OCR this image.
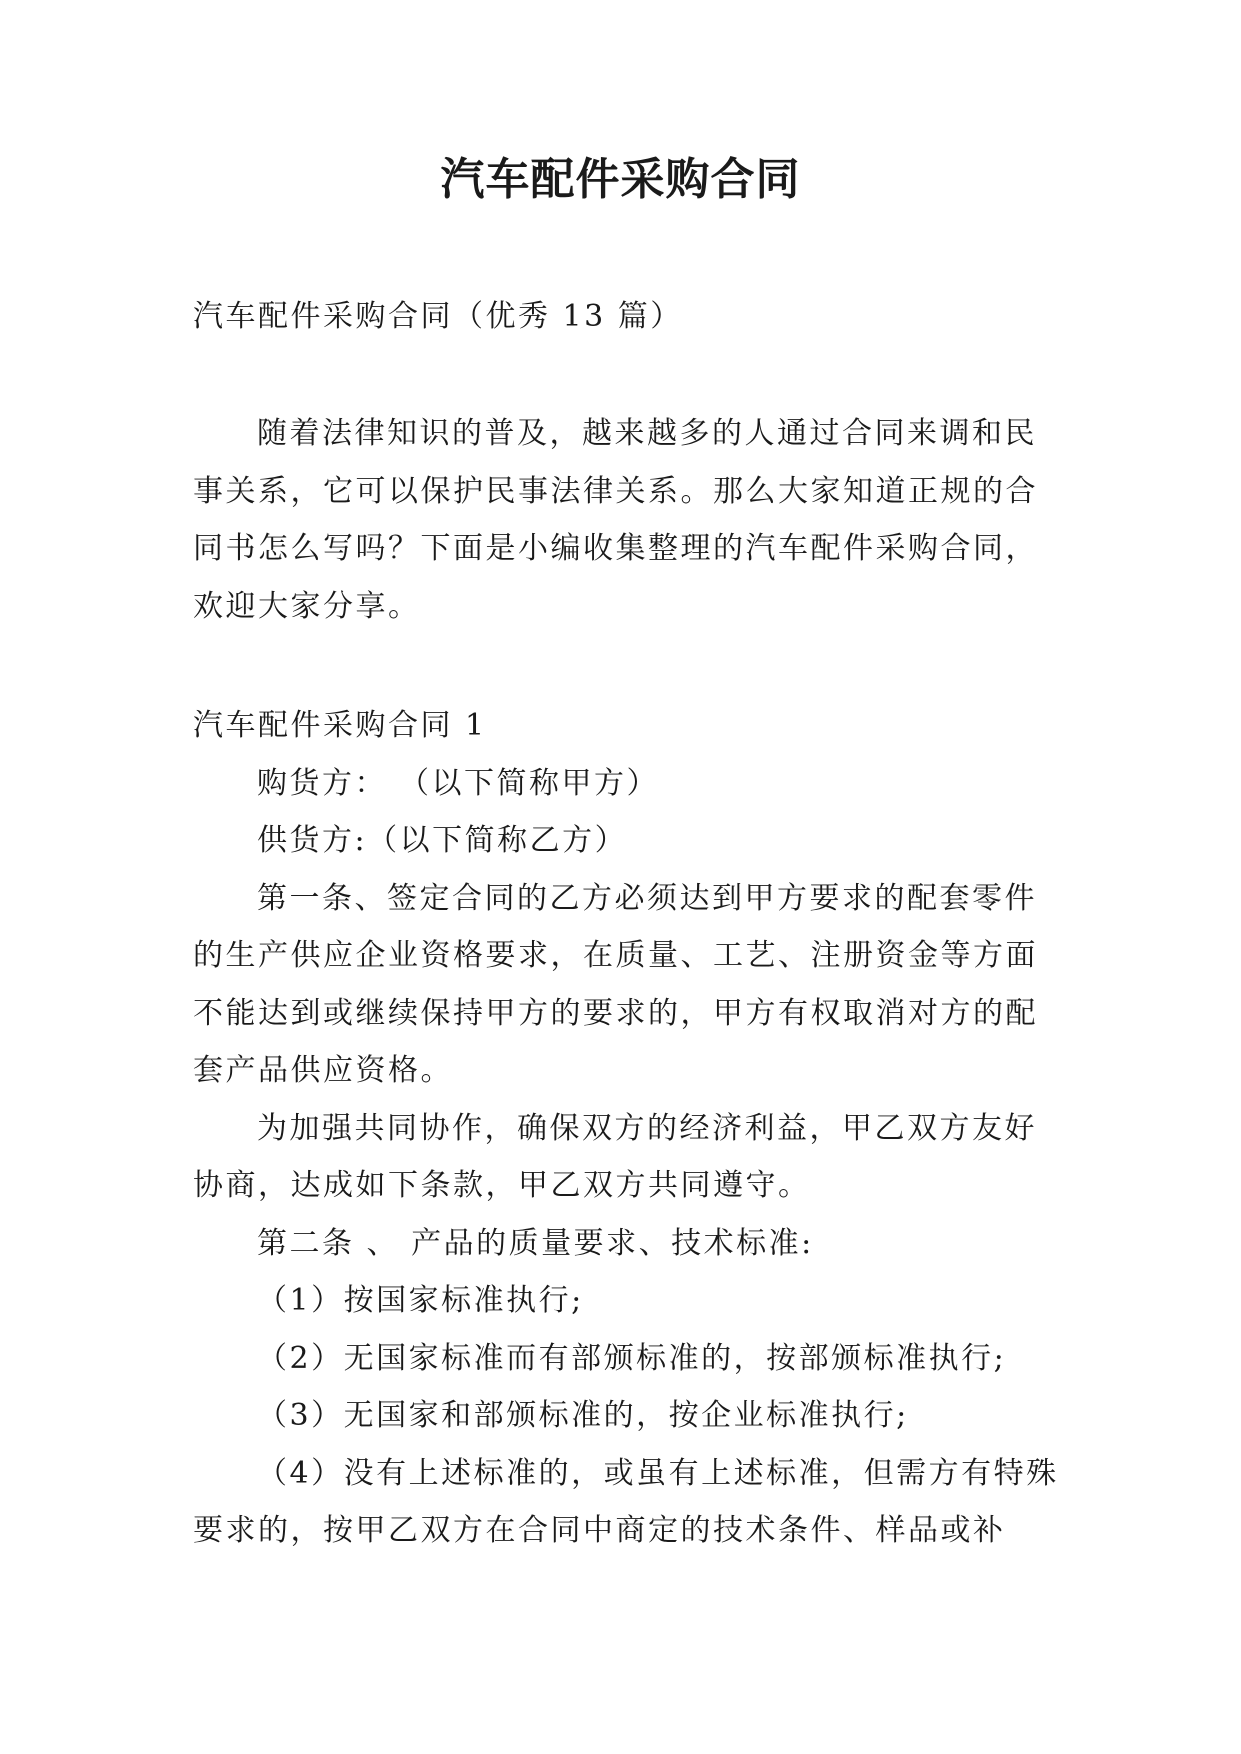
汽车配件采购合同

汽车配件采购合同（优秀 13 篇）

随着法律知识的普及，越来越多的人通过合同来调和民事关系，它可以保护民事法律关系。那么大家知道正规的合同书怎么写吗？下面是小编收集整理的汽车配件采购合同，欢迎大家分享。

汽车配件采购合同 1

购货方： （以下简称甲方）

供货方:（以下简称乙方）

第一条、签定合同的乙方必须达到甲方要求的配套零件的生产供应企业资格要求，在质量、工艺、注册资金等方面不能达到或继续保持甲方的要求的，甲方有权取消对方的配套产品供应资格。

为加强共同协作，确保双方的经济利益，甲乙双方友好协商，达成如下条款，甲乙双方共同遵守。

第二条 、 产品的质量要求、技术标准:

（1）按国家标准执行;

（2）无国家标准而有部颁标准的，按部颁标准执行;

（3）无国家和部颁标准的，按企业标准执行;

（4）没有上述标准的，或虽有上述标准，但需方有特殊要求的，按甲乙双方在合同中商定的技术条件、样品或补
